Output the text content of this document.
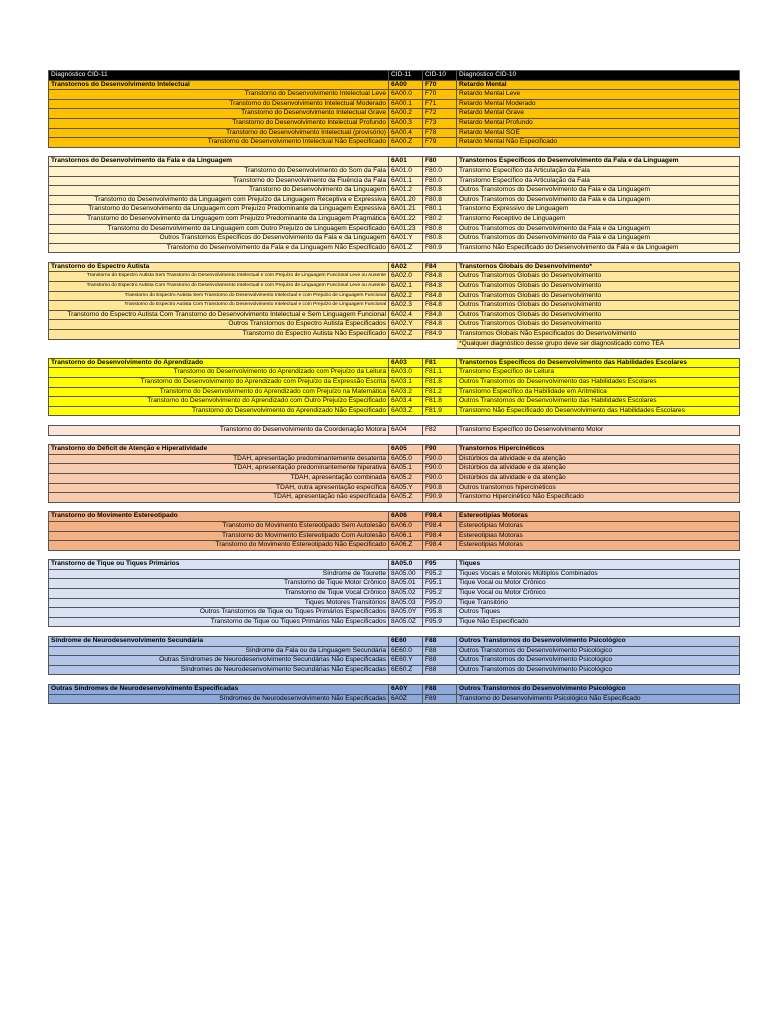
Diagnóstico CID-11	CID-11	CID-10	Diagnóstico CID-10
Transtornos do Desenvolvimento Intelectual	6A00	F70	Retardo Mental
Transtorno do Desenvolvimento Intelectual Leve	6A00.0	F70	Retardo Mental Leve
Transtorno do Desenvolvimento Intelectual Moderado	6A00.1	F71	Retardo Mental Moderado
Transtorno do Desenvolvimento Intelectual Grave	6A00.2	F72	Retardo Mental Grave
Transtorno do Desenvolvimento Intelectual Profundo	6A00.3	F73	Retardo Mental Profundo
Transtorno do Desenvolvimento Intelectual (provisório)	6A00.4	F78	Retardo Mental SOE
Transtorno do Desenvolvimento Intelectual Não Especificado	6A00.Z	F79	Retardo Mental Não Especificado

Transtornos do Desenvolvimento da Fala e da Linguagem	6A01	F80	Transtornos Específicos do Desenvolvimento da Fala e da Linguagem
Transtorno do Desenvolvimento do Som da Fala	6A01.0	F80.0	Transtorno Específico da Articulação da Fala
Transtorno do Desenvolvimento da Fluência da Fala	6A01.1	F80.0	Transtorno Específico da Articulação da Fala
Transtorno do Desenvolvimento da Linguagem	6A01.2	F80.8	Outros Transtornos do Desenvolvimento da Fala e da Linguagem
Transtorno do Desenvolvimento da Linguagem com Prejuízo da Linguagem Receptiva e Expressiva	6A01.20	F80.8	Outros Transtornos do Desenvolvimento da Fala e da Linguagem
Transtorno do Desenvolvimento da Linguagem com Prejuízo Predominante da Linguagem Expressiva	6A01.21	F80.1	Transtorno Expressivo de Linguagem
Transtorno do Desenvolvimento da Linguagem com Prejuízo Predominante da Linguagem Pragmática	6A01.22	F80.2	Transtorno Receptivo de Linguagem
Transtorno do Desenvolvimento da Linguagem com Outro Prejuízo de Linguagem Especificado	6A01.23	F80.8	Outros Transtornos do Desenvolvimento da Fala e da Linguagem
Outros Transtornos Específicos do Desenvolvimento da Fala e da Linguagem	6A01.Y	F80.8	Outros Transtornos do Desenvolvimento da Fala e da Linguagem
Transtorno do Desenvolvimento da Fala e da Linguagem Não Especificado	6A01.Z	F80.9	Transtorno Não Especificado do Desenvolvimento da Fala e da Linguagem

Transtorno do Espectro Autista	6A02	F84	Transtornos Globais do Desenvolvimento*
Transtorno do Espectro Autista Sem Transtorno do Desenvolvimento Intelectual e com Prejuízo de Linguagem Funcional Leve ou Ausente	6A02.0	F84.8	Outros Transtornos Globais do Desenvolvimento
Transtorno do Espectro Autista Com Transtorno do Desenvolvimento Intelectual e com Prejuízo de Linguagem Funcional Leve ou Ausente	6A02.1	F84.8	Outros Transtornos Globais do Desenvolvimento
Transtorno do Espectro Autista Sem Transtorno do Desenvolvimento Intelectual e com Prejuízo de Linguagem Funcional	6A02.2	F84.8	Outros Transtornos Globais do Desenvolvimento
Transtorno do Espectro Autista Com Transtorno do Desenvolvimento Intelectual e com Prejuízo de Linguagem Funcional	6A02.3	F84.8	Outros Transtornos Globais do Desenvolvimento
Transtorno do Espectro Autista Com Transtorno do Desenvolvimento Intelectual e Sem Linguagem Funcional	6A02.4	F84.8	Outros Transtornos Globais do Desenvolvimento
Outros Transtornos do Espectro Autista Especificados	6A02.Y	F84.8	Outros Transtornos Globais do Desenvolvimento
Transtorno do Espectro Autista Não Especificado	6A02.Z	F84.9	Transtornos Globais Não Especificados do Desenvolvimento
			*Qualquer diagnóstico desse grupo deve ser diagnosticado como TEA

Transtorno do Desenvolvimento do Aprendizado	6A03	F81	Transtornos Específicos do Desenvolvimento das Habilidades Escolares
Transtorno do Desenvolvimento do Aprendizado com Prejuízo da Leitura	6A03.0	F81.1	Transtorno Específico de Leitura
Transtorno do Desenvolvimento do Aprendizado com Prejuízo da Expressão Escrita	6A03.1	F81.8	Outros Transtornos do Desenvolvimento das Habilidades Escolares
Transtorno do Desenvolvimento do Aprendizado com Prejuízo na Matemática	6A03.2	F81.2	Transtorno Específico da Habilidade em Aritmética
Transtorno do Desenvolvimento do Aprendizado com Outro Prejuízo Especificado	6A03.4	F81.8	Outros Transtornos do Desenvolvimento das Habilidades Escolares
Transtorno do Desenvolvimento do Aprendizado Não Especificado	6A03.Z	F81.9	Transtorno Não Especificado do Desenvolvimento das Habilidades Escolares

Transtorno do Desenvolvimento da Coordenação Motora	6A04	F82	Transtorno Específico do Desenvolvimento Motor

Transtorno do Déficit de Atenção e Hiperatividade	6A05	F90	Transtornos Hipercinéticos
TDAH, apresentação predominantemente desatenta	6A05.0	F90.0	Distúrbios da atividade e da atenção
TDAH, apresentação predominantemente hiperativa	6A05.1	F90.0	Distúrbios da atividade e da atenção
TDAH, apresentação combinada	6A05.2	F90.0	Distúrbios da atividade e da atenção
TDAH, outra apresentação específica	6A05.Y	F90.8	Outros transtornos hipercinéticos
TDAH, apresentação não especificada	6A05.Z	F90.9	Transtorno Hipercinético Não Especificado

Transtorno do Movimento Estereotipado	6A06	F98.4	Estereotipias Motoras
Transtorno do Movimento Estereotipado Sem Autolesão	6A06.0	F98.4	Estereotipias Motoras
Transtorno do Movimento Estereotipado Com Autolesão	6A06.1	F98.4	Estereotipias Motoras
Transtorno do Movimento Estereotipado Não Especificado	6A06.Z	F98.4	Estereotipias Motoras

Transtorno de Tique ou Tiques Primários	8A05.0	F95	Tiques
Síndrome de Tourette	8A05.00	F95.2	Tiques Vocais e Motores Múltiplos Combinados
Transtorno de Tique Motor Crônico	8A05.01	F95.1	Tique Vocal ou Motor Crônico
Transtorno de Tique Vocal Crônico	8A05.02	F95.2	Tique Vocal ou Motor Crônico
Tiques Motores Transitórios	8A05.03	F95.0	Tique Transitório
Outros Transtornos de Tique ou Tiques Primários Especificados	8A05.0Y	F95.8	Outros Tiques
Transtorno de Tique ou Tiques Primários Não Especificados	8A05.0Z	F95.9	Tique Não Especificado

Síndrome de Neurodesenvolvimento Secundária	6E60	F88	Outros Transtornos do Desenvolvimento Psicológico
Síndrome da Fala ou da Linguagem Secundária	6E60.0	F88	Outros Transtornos do Desenvolvimento Psicológico
Outras Síndromes de Neurodesenvolvimento Secundárias Não Especificadas	6E60.Y	F88	Outros Transtornos do Desenvolvimento Psicológico
Síndromes de Neurodesenvolvimento Secundárias Não Especificadas	6E60.Z	F88	Outros Transtornos do Desenvolvimento Psicológico

Outras Síndromes de Neurodesenvolvimento Especificadas	6A0Y	F88	Outros Transtornos do Desenvolvimento Psicológico
Síndromes de Neurodesenvolvimento Não Especificadas	6A0Z	F89	Transtorno do Desenvolvimento Psicológico Não Especificado
